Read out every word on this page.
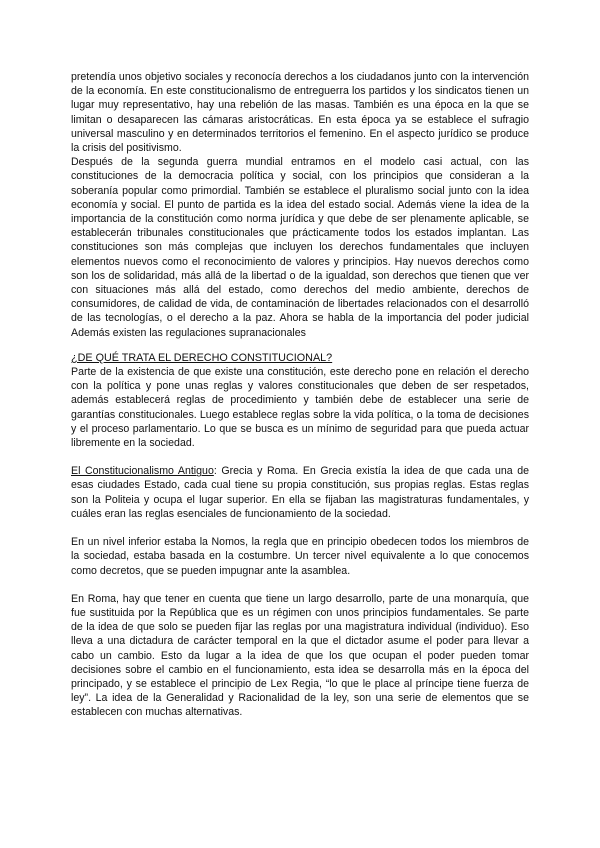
pretendía unos objetivo sociales y reconocía derechos a los ciudadanos junto con la intervención de la economía. En este constitucionalismo de entreguerra los partidos y los sindicatos tienen un lugar muy representativo, hay una rebelión de las masas. También es una época en la que se limitan o desaparecen las cámaras aristocráticas. En esta época ya se establece el sufragio universal masculino y en determinados territorios el femenino. En el aspecto jurídico se produce la crisis del positivismo.

Después de la segunda guerra mundial entramos en el modelo casi actual, con las constituciones de la democracia política y social, con los principios que consideran a la soberanía popular como primordial. También se establece el pluralismo social junto con la idea economía y social. El punto de partida es la idea del estado social. Además viene la idea de la importancia de la constitución como norma jurídica y que debe de ser plenamente aplicable, se establecerán tribunales constitucionales que prácticamente todos los estados implantan. Las constituciones son más complejas que incluyen los derechos fundamentales que incluyen elementos nuevos como el reconocimiento de valores y principios. Hay nuevos derechos como son los de solidaridad, más allá de la libertad o de la igualdad, son derechos que tienen que ver con situaciones más allá del estado, como derechos del medio ambiente, derechos de consumidores, de calidad de vida, de contaminación de libertades relacionados con el desarrolló de las tecnologías, o el derecho a la paz. Ahora se habla de la importancia del poder judicial Además existen las regulaciones supranacionales

¿DE QUÉ TRATA EL DERECHO CONSTITUCIONAL?

Parte de la existencia de que existe una constitución, este derecho pone en relación el derecho con la política y pone unas reglas y valores constitucionales que deben de ser respetados, además establecerá reglas de procedimiento y también debe de establecer una serie de garantías constitucionales. Luego establece reglas sobre la vida política, o la toma de decisiones y el proceso parlamentario. Lo que se busca es un mínimo de seguridad para que pueda actuar libremente en la sociedad.

El Constitucionalismo Antiguo: Grecia y Roma. En Grecia existía la idea de que cada una de esas ciudades Estado, cada cual tiene su propia constitución, sus propias reglas. Estas reglas son la Politeia y ocupa el lugar superior. En ella se fijaban las magistraturas fundamentales, y cuáles eran las reglas esenciales de funcionamiento de la sociedad.

En un nivel inferior estaba la Nomos, la regla que en principio obedecen todos los miembros de la sociedad, estaba basada en la costumbre. Un tercer nivel equivalente a lo que conocemos como decretos, que se pueden impugnar ante la asamblea.

En Roma, hay que tener en cuenta que tiene un largo desarrollo, parte de una monarquía, que fue sustituida por la República que es un régimen con unos principios fundamentales. Se parte de la idea de que solo se pueden fijar las reglas por una magistratura individual (individuo). Eso lleva a una dictadura de carácter temporal en la que el dictador asume el poder para llevar a cabo un cambio. Esto da lugar a la idea de que los que ocupan el poder pueden tomar decisiones sobre el cambio en el funcionamiento, esta idea se desarrolla más en la época del principado, y se establece el principio de Lex Regia, “lo que le place al príncipe tiene fuerza de ley”. La idea de la Generalidad y Racionalidad de la ley, son una serie de elementos que se establecen con muchas alternativas.
